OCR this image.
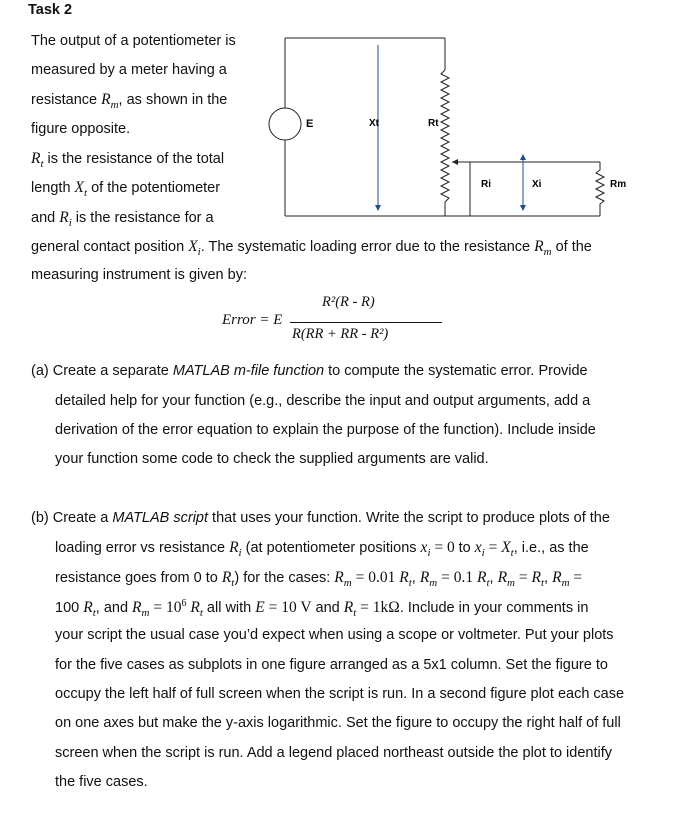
Task 2
The output of a potentiometer is
measured by a meter having a
resistance $R_m$, as shown in the
figure opposite.
$R_t$ is the resistance of the total
length $X_t$ of the potentiometer
and $R_i$ is the resistance for a
general contact position $X_i$. The systematic loading error due to the resistance $R_m$ of the
measuring instrument is given by:
E	Xt	Rt
Ri	Xi	Rm
Error = E
R²(R - R)
R(RR + RR - R²)
(a) Create a separate MATLAB m-file function to compute the systematic error. Provide
detailed help for your function (e.g., describe the input and output arguments, add a
derivation of the error equation to explain the purpose of the function). Include inside
your function some code to check the supplied arguments are valid.
(b) Create a MATLAB script that uses your function. Write the script to produce plots of the
loading error vs resistance $R_i$ (at potentiometer positions $x_i = 0$ to $x_i = X_t$, i.e., as the
resistance goes from 0 to $R_t$) for the cases: $R_m = 0.01$ $R_t$, $R_m = 0.1$ $R_t$, $R_m = R_t$, $R_m$ =
100 $R_t$, and $R_m = 10^6$ $R_t$ all with E = 10 V and $R_t = 1k\Omega$. Include in your comments in
your script the usual case you’d expect when using a scope or voltmeter. Put your plots
for the five cases as subplots in one figure arranged as a 5x1 column. Set the figure to
occupy the left half of full screen when the script is run. In a second figure plot each case
on one axes but make the y-axis logarithmic. Set the figure to occupy the right half of full
screen when the script is run. Add a legend placed northeast outside the plot to identify
the five cases.
